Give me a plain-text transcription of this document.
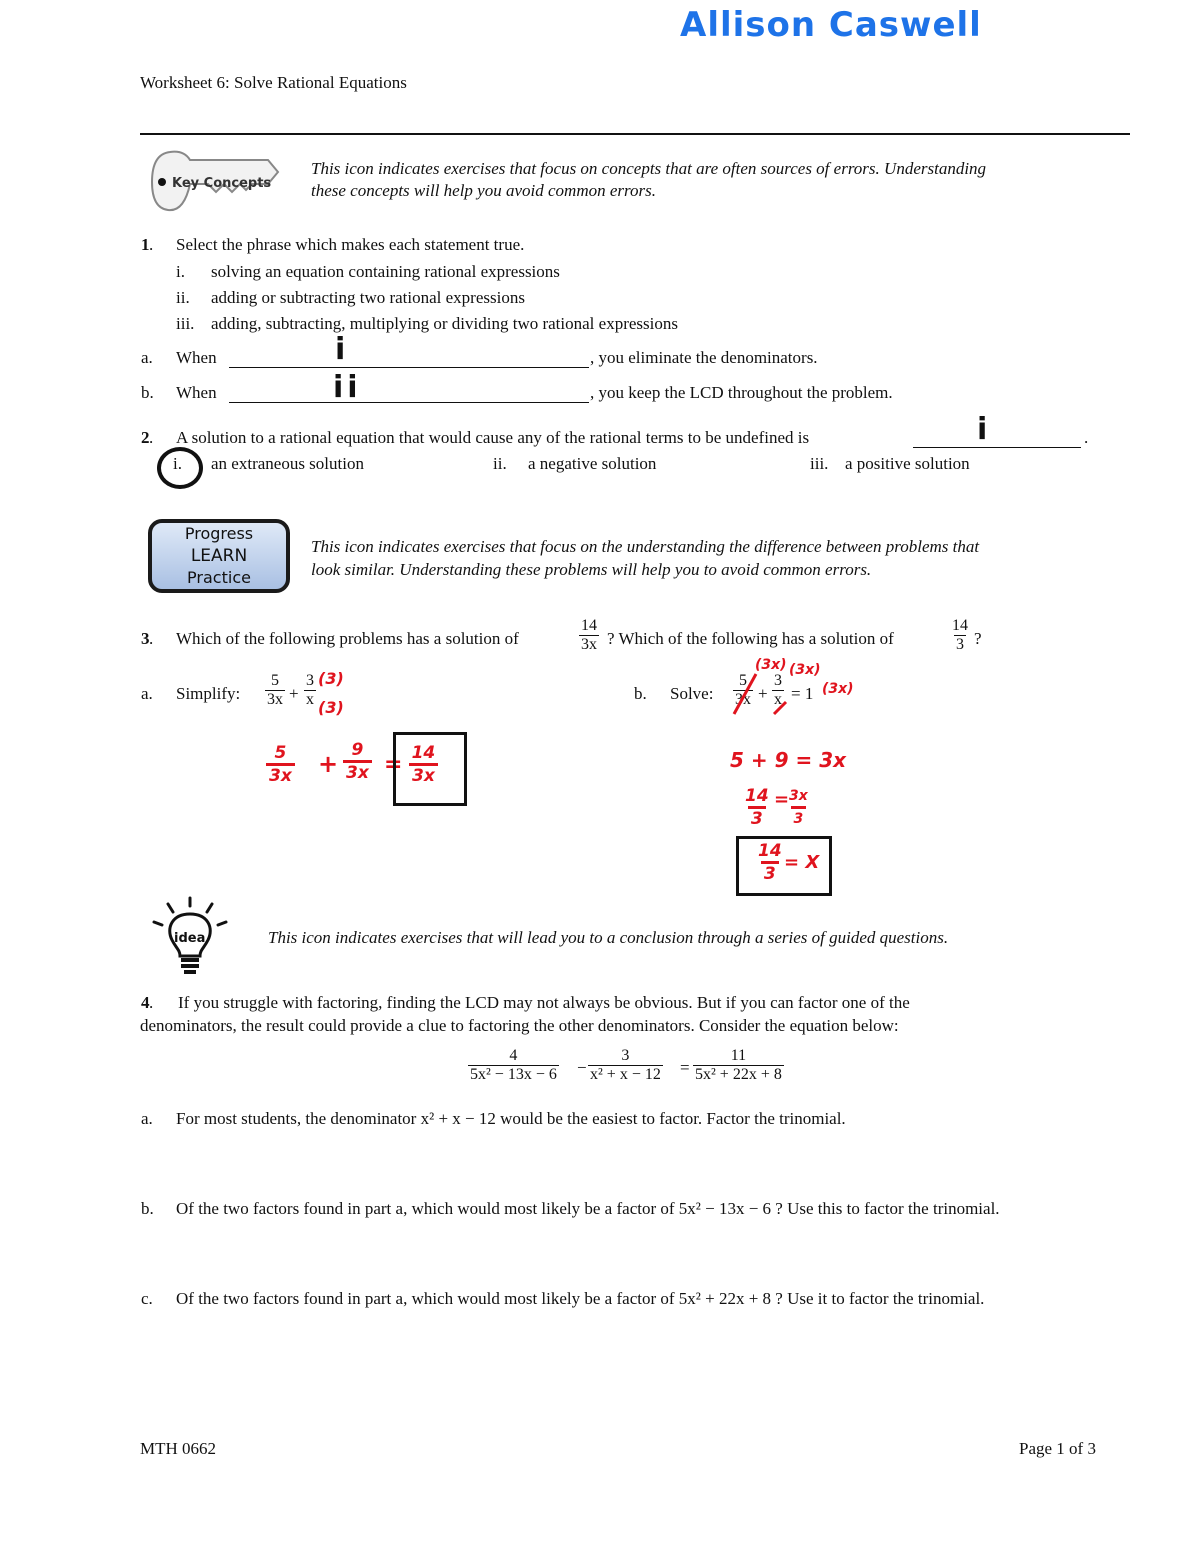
Allison Caswell
Worksheet 6: Solve Rational Equations
Key Concepts
This icon indicates exercises that focus on concepts that are often sources of errors. Understanding
these concepts will help you avoid common errors.
1 . Select the phrase which makes each statement true.
i. solving an equation containing rational expressions
ii. adding or subtracting two rational expressions
iii. adding, subtracting, multiplying or dividing two rational expressions
a. When	i	, you eliminate the denominators.
b. When	ii	, you keep the LCD throughout the problem.
2 . A solution to a rational equation that would cause any of the rational terms to be undefined is	i	.
i. an extraneous solution	ii. a negative solution	iii. a positive solution
Progress
LEARN
Practice
This icon indicates exercises that focus on the understanding the difference between problems that
look similar. Understanding these problems will help you to avoid common errors.
3 . Which of the following problems has a solution of	$\frac{14}{3x}$ ? Which of the following has a solution of	$\frac{14}{3}$ ?
a. Simplify: $\frac{5}{3x} + \frac{3}{x} (3)$
(3)
$\frac{5}{3x} + \frac{9}{3x} = \frac{14}{3x}$
b. Solve: $\frac{5}{3x} + \frac{3}{x} = 1$
(3x) (3x)
(3x)
5 + 9 = 3x
$\frac{14}{3} = \frac{3x}{3}$
$\frac{14}{3} = X$
idea	This icon indicates exercises that will lead you to a conclusion through a series of guided questions.
4 . If you struggle with factoring, finding the LCD may not always be obvious. But if you can factor one of the
denominators, the result could provide a clue to factoring the other denominators. Consider the equation below:
$\frac{4}{\text{5x² − 13x − 6}} - \frac{3}{\text{x² + x − 12}} = \frac{11}{\text{5x² + 22x + 8}}$
a. For most students, the denominator x² + x − 12 would be the easiest to factor. Factor the trinomial.
b. Of the two factors found in part a, which would most likely be a factor of 5x² − 13x − 6 ? Use this to factor the trinomial.
c. Of the two factors found in part a, which would most likely be a factor of 5x² + 22x + 8 ? Use it to factor the trinomial.
MTH 0662	Page 1 of 3
